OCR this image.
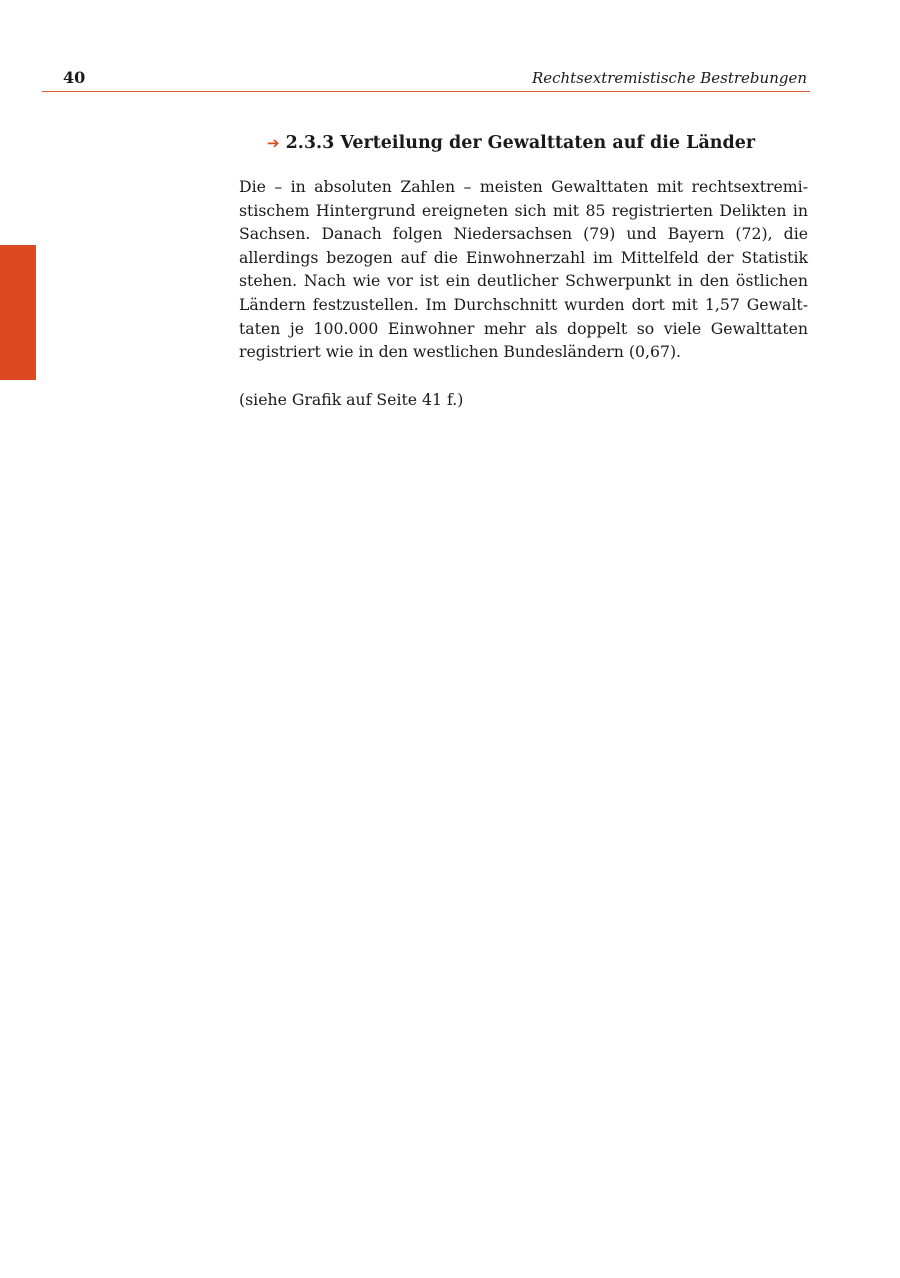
40	Rechtsextremistische Bestrebungen
➔ 2.3.3 Verteilung der Gewalttaten auf die Länder

Die – in absoluten Zahlen – meisten Gewalttaten mit rechtsextremistischem Hintergrund ereigneten sich mit 85 registrierten Delikten in Sachsen. Danach folgen Niedersachsen (79) und Bayern (72), die allerdings bezogen auf die Einwohnerzahl im Mittelfeld der Statistik stehen. Nach wie vor ist ein deutlicher Schwerpunkt in den östlichen Ländern festzustellen. Im Durchschnitt wurden dort mit 1,57 Gewalttaten je 100.000 Einwohner mehr als doppelt so viele Gewalttaten registriert wie in den westlichen Bundesländern (0,67).

(siehe Grafik auf Seite 41 f.)
